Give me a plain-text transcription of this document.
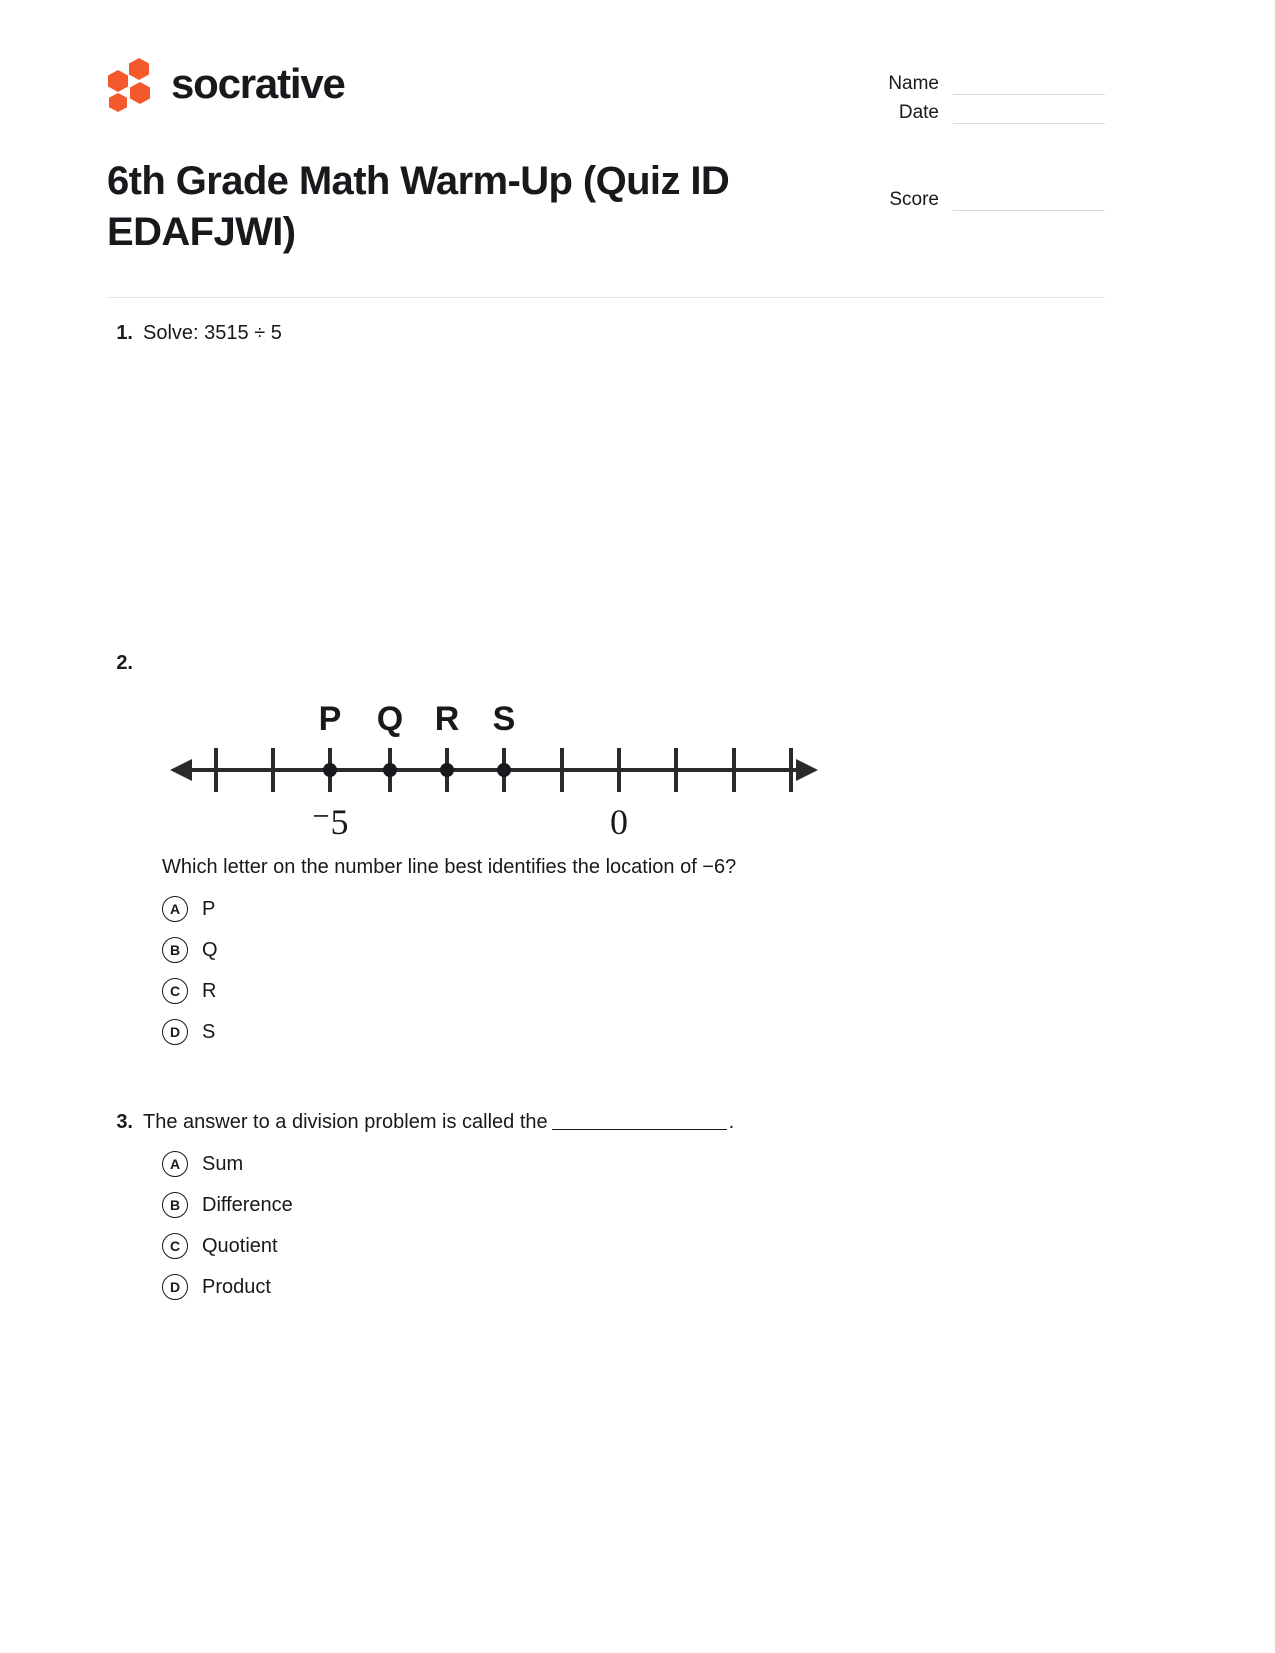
socrative
6th Grade Math Warm-Up (Quiz ID EDAFJWI)
Name
Date
Score
1. Solve: 3515 ÷ 5
2.
P Q R S
⁻5	0
Which letter on the number line best identifies the location of −6?
A	P
B	Q
C	R
D	S
3. The answer to a division problem is called the	.
A	Sum
B	Difference
C	Quotient
D	Product
